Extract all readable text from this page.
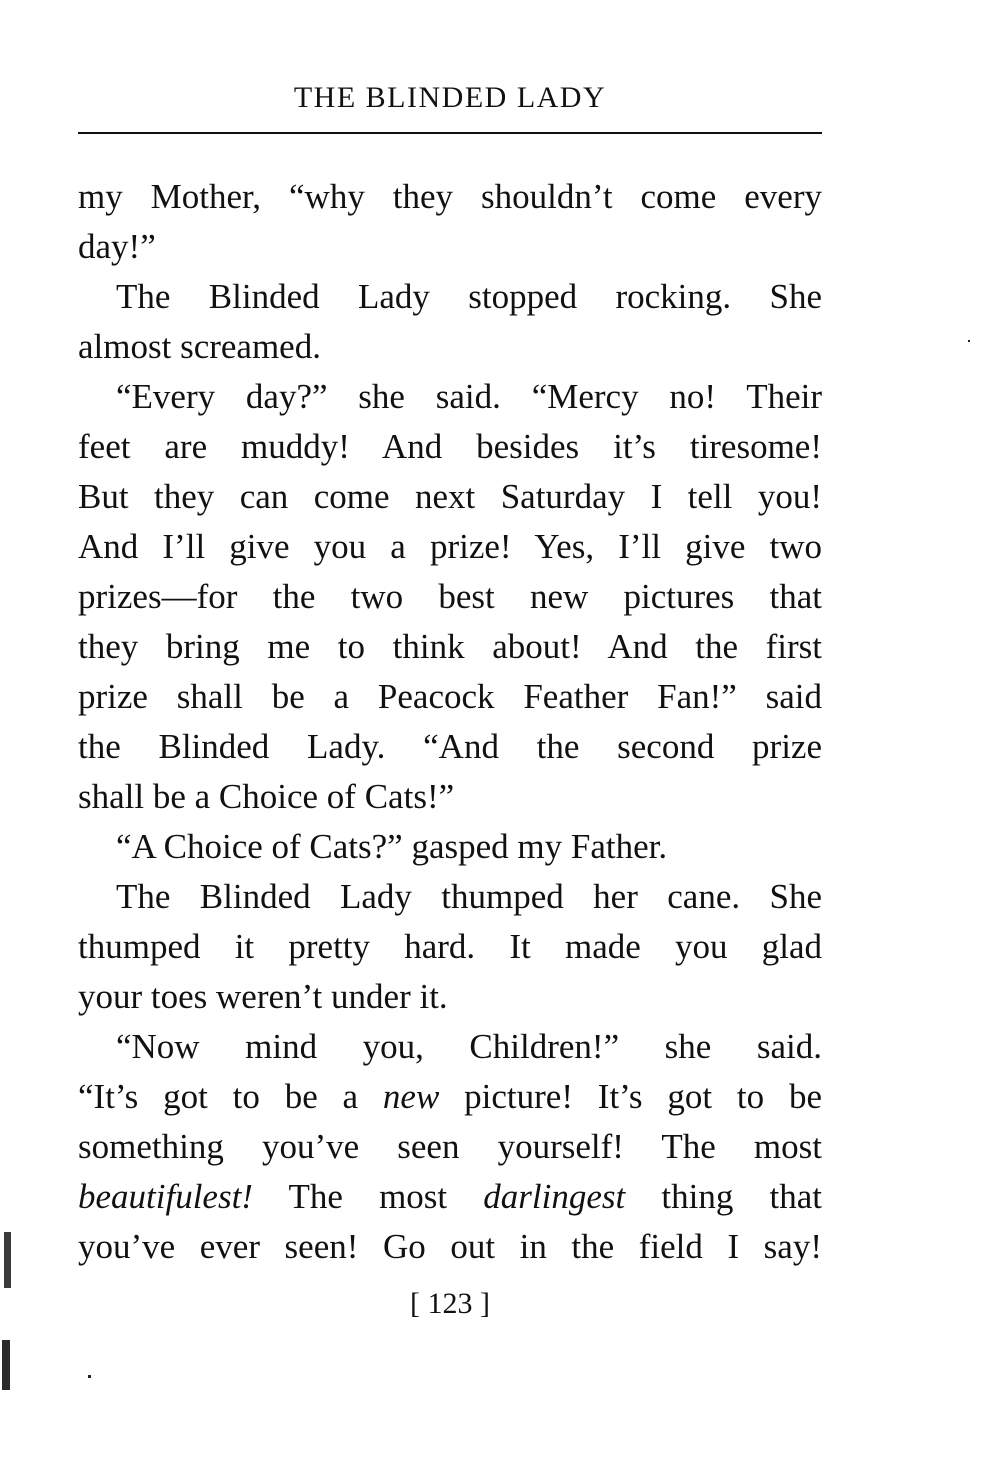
THE BLINDED LADY
my Mother, “why they shouldn’t come every
day!”
The Blinded Lady stopped rocking. She
almost screamed.
“Every day?” she said. “Mercy no! Their
feet are muddy! And besides it’s tiresome!
But they can come next Saturday I tell you!
And I’ll give you a prize! Yes, I’ll give two
prizes—for the two best new pictures that
they bring me to think about! And the first
prize shall be a Peacock Feather Fan!” said
the Blinded Lady. “And the second prize
shall be a Choice of Cats!”
“A Choice of Cats?” gasped my Father.
The Blinded Lady thumped her cane. She
thumped it pretty hard. It made you glad
your toes weren’t under it.
“Now mind you, Children!” she said.
“It’s got to be a new picture! It’s got to be
something you’ve seen yourself! The most
beautifulest! The most darlingest thing that
you’ve ever seen! Go out in the field I say!
[ 123 ]
